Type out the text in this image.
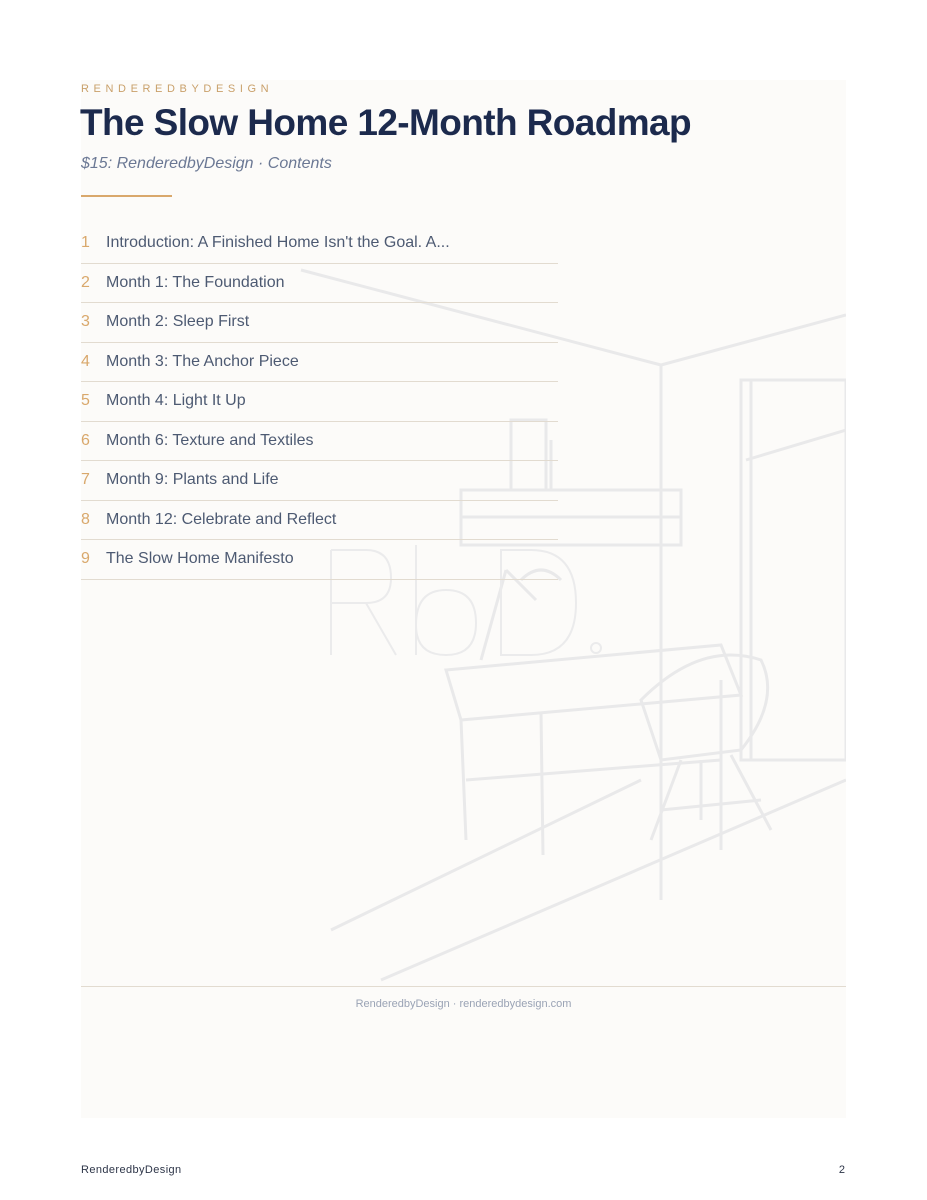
RENDEREDBYDESIGN
The Slow Home 12-Month Roadmap
$15: RenderedbyDesign · Contents
1 Introduction: A Finished Home Isn't the Goal. A...
2 Month 1: The Foundation
3 Month 2: Sleep First
4 Month 3: The Anchor Piece
5 Month 4: Light It Up
6 Month 6: Texture and Textiles
7 Month 9: Plants and Life
8 Month 12: Celebrate and Reflect
9 The Slow Home Manifesto
RenderedbyDesign · renderedbydesign.com
RenderedbyDesign	2
